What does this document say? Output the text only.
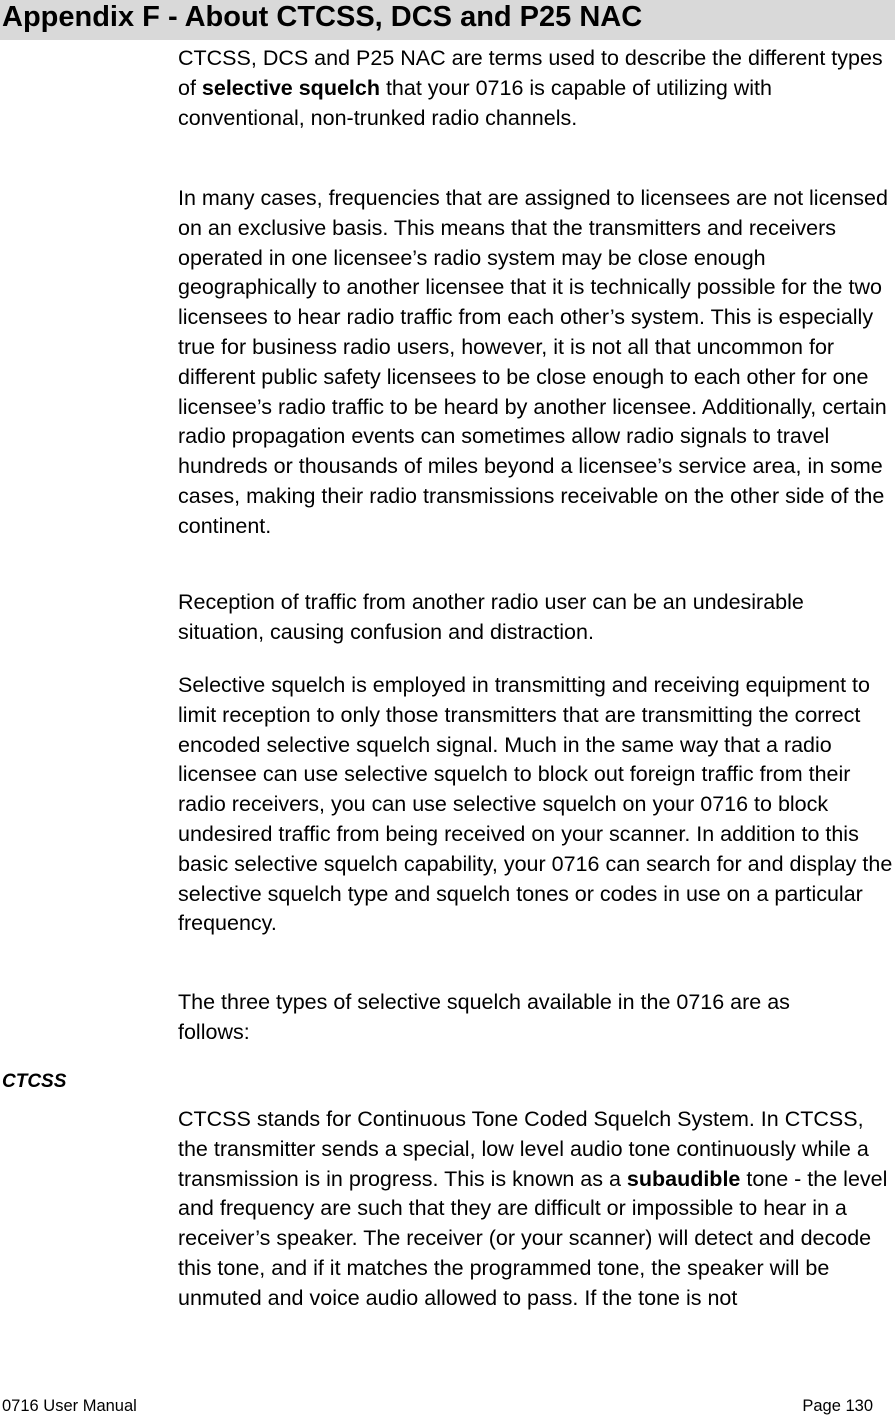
Appendix F - About CTCSS, DCS and P25 NAC

CTCSS, DCS and P25 NAC are terms used to describe the different types of selective squelch that your 0716 is capable of utilizing with conventional, non-trunked radio channels.

In many cases, frequencies that are assigned to licensees are not licensed on an exclusive basis. This means that the transmitters and receivers operated in one licensee’s radio system may be close enough geographically to another licensee that it is technically possible for the two licensees to hear radio traffic from each other’s system. This is especially true for business radio users, however, it is not all that uncommon for different public safety licensees to be close enough to each other for one licensee’s radio traffic to be heard by another licensee. Additionally, certain radio propagation events can sometimes allow radio signals to travel hundreds or thousands of miles beyond a licensee’s service area, in some cases, making their radio transmissions receivable on the other side of the continent.

Reception of traffic from another radio user can be an undesirable situation, causing confusion and distraction.

Selective squelch is employed in transmitting and receiving equipment to limit reception to only those transmitters that are transmitting the correct encoded selective squelch signal. Much in the same way that a radio licensee can use selective squelch to block out foreign traffic from their radio receivers, you can use selective squelch on your 0716 to block undesired traffic from being received on your scanner. In addition to this basic selective squelch capability, your 0716 can search for and display the selective squelch type and squelch tones or codes in use on a particular frequency.

The three types of selective squelch available in the 0716 are as follows:

CTCSS

CTCSS stands for Continuous Tone Coded Squelch System. In CTCSS, the transmitter sends a special, low level audio tone continuously while a transmission is in progress. This is known as a subaudible tone - the level and frequency are such that they are difficult or impossible to hear in a receiver’s speaker. The receiver (or your scanner) will detect and decode this tone, and if it matches the programmed tone, the speaker will be unmuted and voice audio allowed to pass. If the tone is not

0716 User Manual	Page 130
